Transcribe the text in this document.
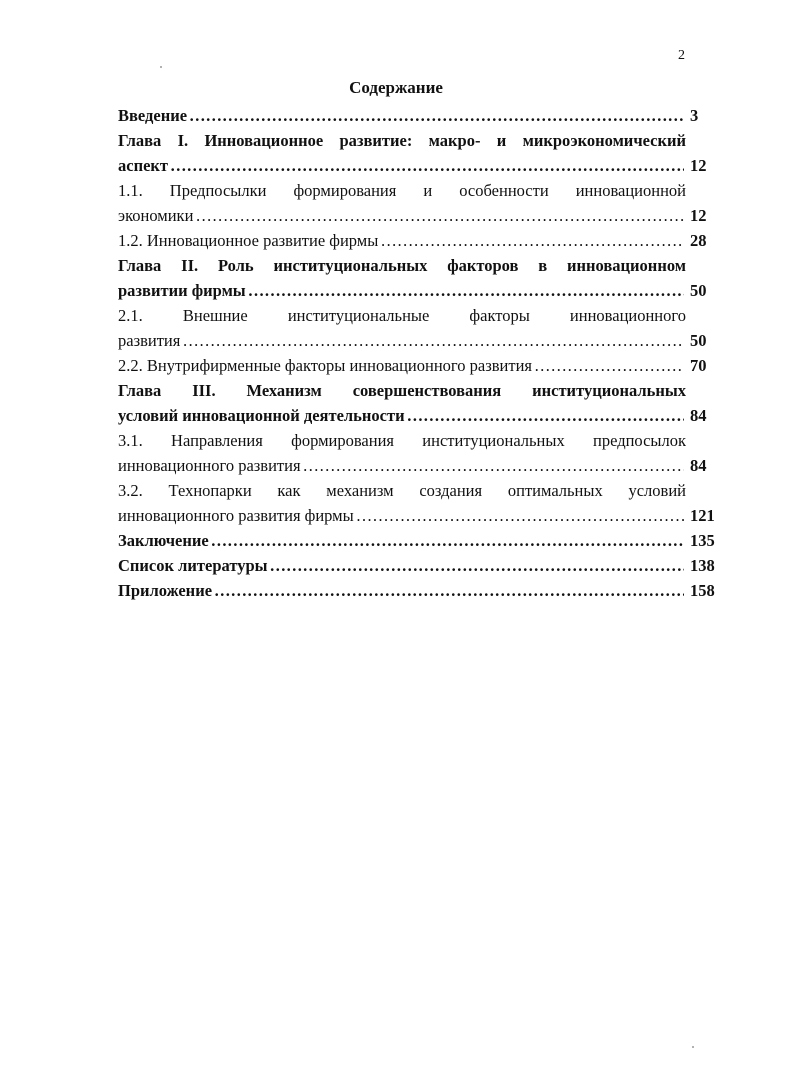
2
Содержание
Введение ……………………………………………………………………………………………………………………………………………………………………	3
Глава I. Инновационное развитие: макро- и микроэкономический
аспект ……………………………………………………………………………………………………………………………………………………………………	12
1.1. Предпосылки формирования и особенности инновационной
экономики ……………………………………………………………………………………………………………………………………………………………………	12
1.2. Инновационное развитие фирмы ……………………………………………………………………………………………………………………………………………………………………	28
Глава II. Роль институциональных факторов в инновационном
развитии фирмы ……………………………………………………………………………………………………………………………………………………………………	50
2.1. Внешние институциональные факторы инновационного
развития ……………………………………………………………………………………………………………………………………………………………………	50
2.2. Внутрифирменные факторы инновационного развития ……………………………………………………………………………………………………………………………………………………………………	70
Глава III. Механизм совершенствования институциональных
условий инновационной деятельности ……………………………………………………………………………………………………………………………………………………………………	84
3.1. Направления формирования институциональных предпосылок
инновационного развития ……………………………………………………………………………………………………………………………………………………………………	84
3.2. Технопарки как механизм создания оптимальных условий
инновационного развития фирмы ……………………………………………………………………………………………………………………………………………………………………	121
Заключение ……………………………………………………………………………………………………………………………………………………………………	135
Список литературы ……………………………………………………………………………………………………………………………………………………………………	138
Приложение ……………………………………………………………………………………………………………………………………………………………………	158
